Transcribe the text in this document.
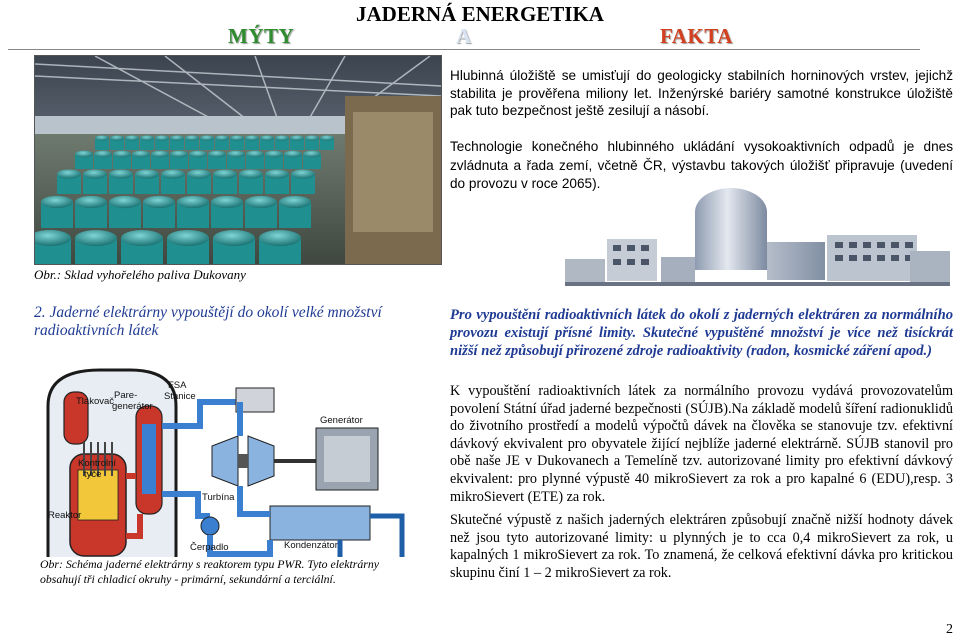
JADERNÁ ENERGETIKA
MÝTY	A	FAKTA
Obr.: Sklad vyhořelého paliva Dukovany
Hlubinná úložiště se umisťují do geologicky stabilních horninových vrstev, jejichž stabilita je prověřena miliony let. Inženýrské bariéry samotné konstrukce úložiště pak tuto bezpečnost ještě zesilují a násobí.
Technologie konečného hlubinného ukládání vysokoaktivních odpadů je dnes zvládnuta a řada zemí, včetně ČR, výstavbu takových úložišť připravuje (uvedení do provozu v roce 2065).
2. Jaderné elektrárny vypouštějí do okolí velké množství radioaktivních látek
Tlakovač
Pare-
generátor
FSA
Stanice
Generátor
Kontrolní
tyče
Turbína
Reaktor
Čerpadlo	Kondenzátor
Obr: Schéma jaderné elektrárny s reaktorem typu PWR. Tyto elektrárny obsahují tři chladicí okruhy - primární, sekundární a terciální.
Pro vypouštění radioaktivních látek do okolí z jaderných elektráren za normálního provozu existují přísné limity. Skutečné vypuštěné množství je více než tisíckrát nižší než způsobují přirozené zdroje radioaktivity (radon, kosmické záření apod.)
K vypouštění radioaktivních látek za normálního provozu vydává provozovatelům povolení Státní úřad jaderné bezpečnosti (SÚJB).Na základě modelů šíření radionuklidů do životního prostředí a modelů výpočtů dávek na člověka se stanovuje tzv. efektivní dávkový ekvivalent pro obyvatele žijící nejblíže jaderné elektrárně. SÚJB stanovil pro obě naše JE v Dukovanech a Temelíně tzv. autorizované limity pro efektivní dávkový ekvivalent: pro plynné výpustě 40 mikroSievert za rok a pro kapalné 6 (EDU),resp. 3 mikroSievert (ETE) za rok.
Skutečné výpustě z našich jaderných elektráren způsobují značně nižší hodnoty dávek než jsou tyto autorizované limity: u plynných je to cca 0,4 mikroSievert za rok, u kapalných 1 mikroSievert za rok. To znamená, že celková efektivní dávka pro kritickou skupinu činí 1 – 2 mikroSievert za rok.
2
